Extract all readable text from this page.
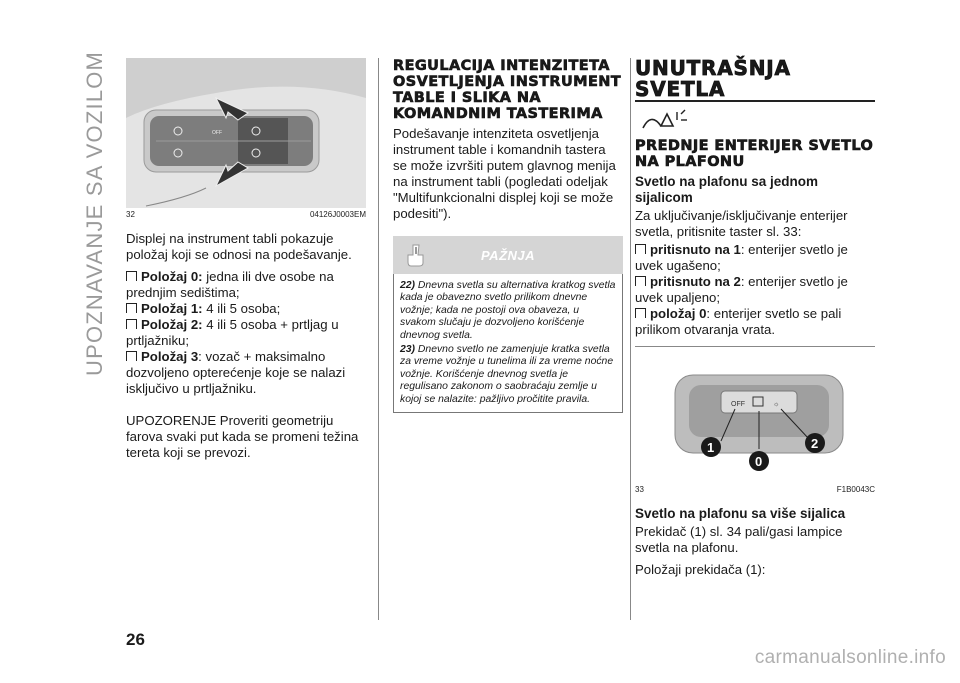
UPOZNAVANJE SA VOZILOM
26
OFF
32	04126J0003EM

Displej na instrument tabli pokazuje položaj koji se odnosi na podešavanje.

Položaj 0: jedna ili dve osobe na prednjim sedištima;
Položaj 1: 4 ili 5 osoba;
Položaj 2: 4 ili 5 osoba + prtljag u prtljažniku;
Položaj 3: vozač + maksimalno dozvoljeno opterećenje koje se nalazi isključivo u prtljažniku.

UPOZORENJE Proveriti geometriju farova svaki put kada se promeni težina tereta koji se prevozi.

REGULACIJA INTENZITETA OSVETLJENJA INSTRUMENT TABLE I SLIKA NA KOMANDNIM TASTERIMA

Podešavanje intenziteta osvetljenja instrument table i komandnih tastera se može izvršiti putem glavnog menija na instrument tabli (pogledati odeljak "Multifunkcionalni displej koji se može podesiti").

PAŽNJA

22) Dnevna svetla su alternativa kratkog svetla kada je obavezno svetlo prilikom dnevne vožnje; kada ne postoji ova obaveza, u svakom slučaju je dozvoljeno korišćenje dnevnog svetla.

23) Dnevno svetlo ne zamenjuje kratka svetla za vreme vožnje u tunelima ili za vreme noćne vožnje. Korišćenje dnevnog svetla je regulisano zakonom o saobraćaju zemlje u kojoj se nalazite: pažljivo pročitite pravila.

UNUTRAŠNJA SVETLA
PREDNJE ENTERIJER SVETLO NA PLAFONU
Svetlo na plafonu sa jednom sijalicom

Za uključivanje/isključivanje enterijer svetla, pritisnite taster sl. 33:

pritisnuto na 1: enterijer svetlo je uvek ugašeno;
pritisnuto na 2: enterijer svetlo je uvek upaljeno;
položaj 0: enterijer svetlo se pali prilikom otvaranja vrata.
OFF	☼
1
0
2
33	F1B0043C
Svetlo na plafonu sa više sijalica

Prekidač (1) sl. 34 pali/gasi lampice svetla na plafonu.

Položaji prekidača (1):

carmanualsonline.info
